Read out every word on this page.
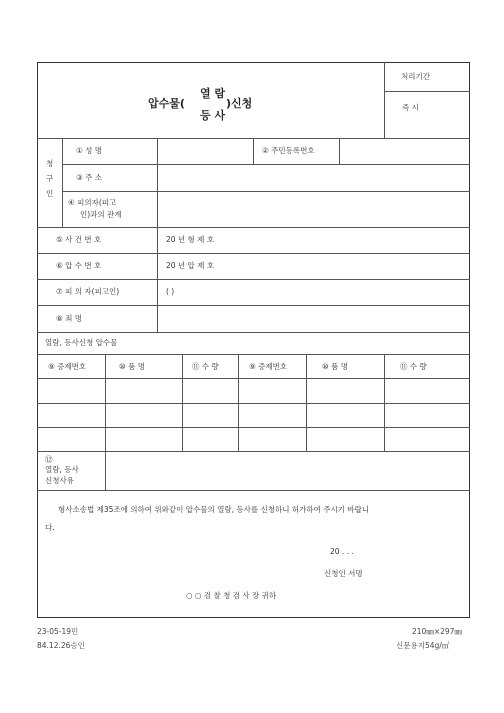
압수물(
열 람
등 사
)신청
처리기간
즉 시
청
구
인
① 성 명	② 주민등록번호
③ 주 소
④ 피의자(피고
인)과의 관계
⑤ 사 건 번 호	20 년 형 제 호
⑥ 압 수 번 호	20 년 압 제 호
⑦ 피 의 자(피고인)	( )
⑧ 죄 명
열람, 등사신청 압수물
⑨ 증제번호	⑩ 품 명	⑪ 수 량	⑨ 증제번호	⑩ 품 명	⑪ 수 량
⑫
열람, 등사
신청사유
형사소송법 제35조에 의하여 위와같이 압수물의 열람, 등사를 신청하니 허가하여 주시기 바랍니
다.
20 . . .
신청인 서명
○ ○ 검 찰 청 검 사 장 귀하
23-05-19민
84.12.26승인
210㎜×297㎜
신문용지54g/㎡
